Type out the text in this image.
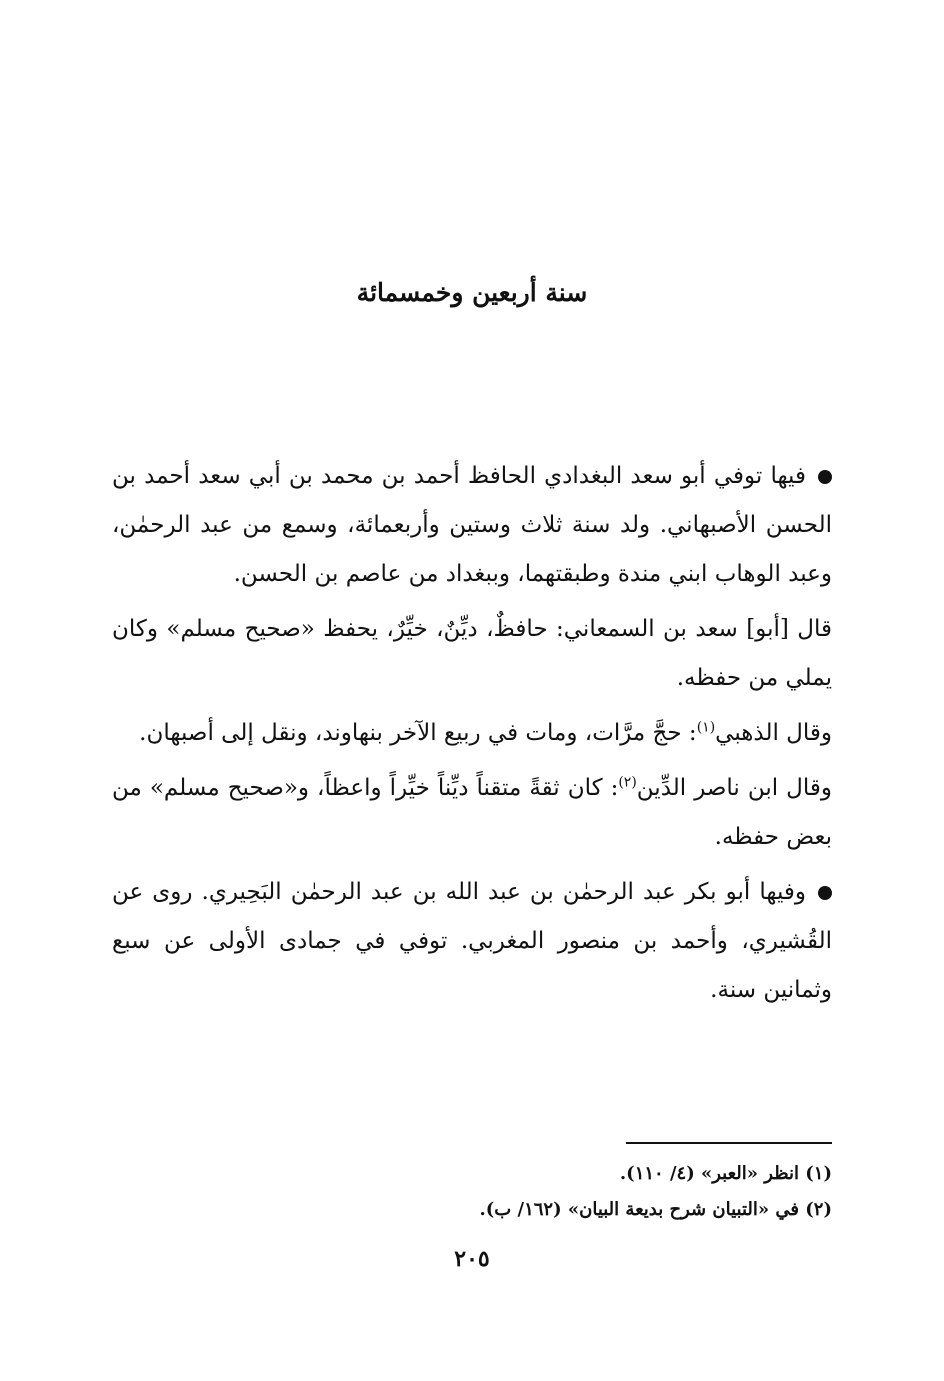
سنة أربعين وخمسمائة

فيها توفي أبو سعد البغدادي الحافظ أحمد بن محمد بن أبي سعد أحمد بن الحسن الأصبهاني. ولد سنة ثلاث وستين وأربعمائة، وسمع من عبد الرحمٰن، وعبد الوهاب ابني مندة وطبقتهما، وببغداد من عاصم بن الحسن.

قال [أبو] سعد بن السمعاني: حافظٌ، ديِّنٌ، خيِّرٌ، يحفظ «صحيح مسلم» وكان يملي من حفظه.

وقال الذهبي$^{(١)}$: حجَّ مرَّات، ومات في ربيع الآخر بنهاوند، ونقل إلى أصبهان.

وقال ابن ناصر الدِّين$^{(٢)}$: كان ثقةً متقناً ديِّناً خيِّراً واعظاً، و«صحيح مسلم» من بعض حفظه.

وفيها أبو بكر عبد الرحمٰن بن عبد الله بن عبد الرحمٰن البَحِيري. روى عن القُشيري، وأحمد بن منصور المغربي. توفي في جمادى الأولى عن سبع وثمانين سنة.

(١) انظر «العبر» (٤/ ١١٠).

(٢) في «التبيان شرح بديعة البيان» (١٦٢/ ب).

٢٠٥
